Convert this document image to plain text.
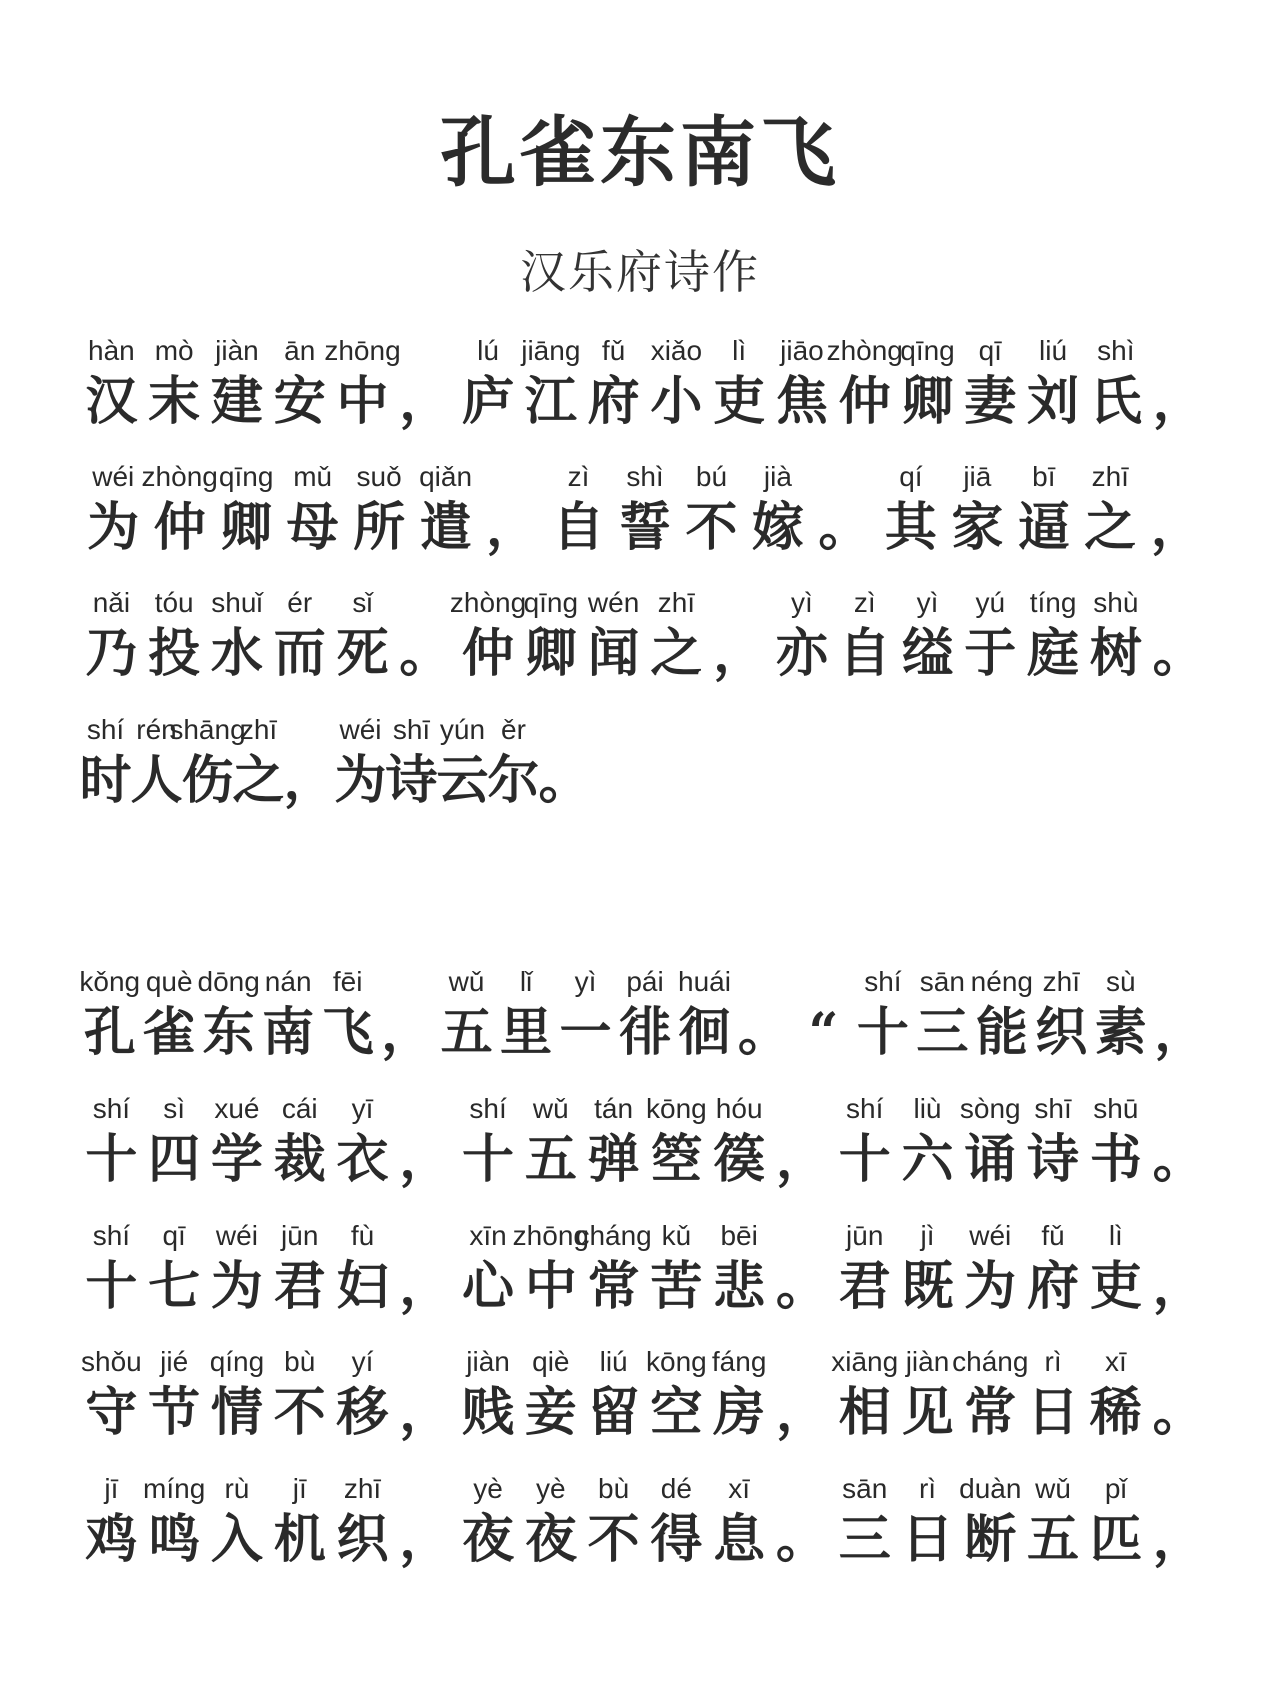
孔雀东南飞
汉乐府诗作
hàn
汉
mò
末
jiàn
建
ān
安
zhōng
中 ，
lú
庐
jiāng
江
fǔ
府
xiǎo
小
lì
吏
jiāo
焦
zhòng
仲
qīng
卿
qī
妻
liú
刘
shì
氏 ，
wéi
为
zhòng
仲
qīng
卿
mǔ
母
suǒ
所
qiǎn
遣 ，
zì
自
shì
誓
bú
不
jià
嫁 。
qí
其
jiā
家
bī
逼
zhī
之 ，
nǎi
乃
tóu
投
shuǐ
水
ér
而
sǐ
死 。
zhòng
仲
qīng
卿
wén
闻
zhī
之 ，
yì
亦
zì
自
yì
缢
yú
于
tíng
庭
shù
树 。
shí
时
rén
人
shāng
伤
zhī
之
，
wéi
为
shī
诗
yún
云
ěr
尔
。
kǒng
孔
què
雀
dōng
东
nán
南
fēi
飞 ，
wǔ
五
lǐ
里
yì
一
pái
徘
huái
徊 。 “
shí
十
sān
三
néng
能
zhī
织
sù
素 ，
shí
十
sì
四
xué
学
cái
裁
yī
衣 ，
shí
十
wǔ
五
tán
弹
kōng
箜
hóu
篌 ，
shí
十
liù
六
sòng
诵
shī
诗
shū
书 。
shí
十
qī
七
wéi
为
jūn
君
fù
妇 ，
xīn
心
zhōng
中
cháng
常
kǔ
苦
bēi
悲 。
jūn
君
jì
既
wéi
为
fǔ
府
lì
吏 ，
shǒu
守
jié
节
qíng
情
bù
不
yí
移 ，
jiàn
贱
qiè
妾
liú
留
kōng
空
fáng
房 ，
xiāng
相
jiàn
见
cháng
常
rì
日
xī
稀 。
jī
鸡
míng
鸣
rù
入
jī
机
zhī
织 ，
yè
夜
yè
夜
bù
不
dé
得
xī
息 。
sān
三
rì
日
duàn
断
wǔ
五
pǐ
匹 ，
